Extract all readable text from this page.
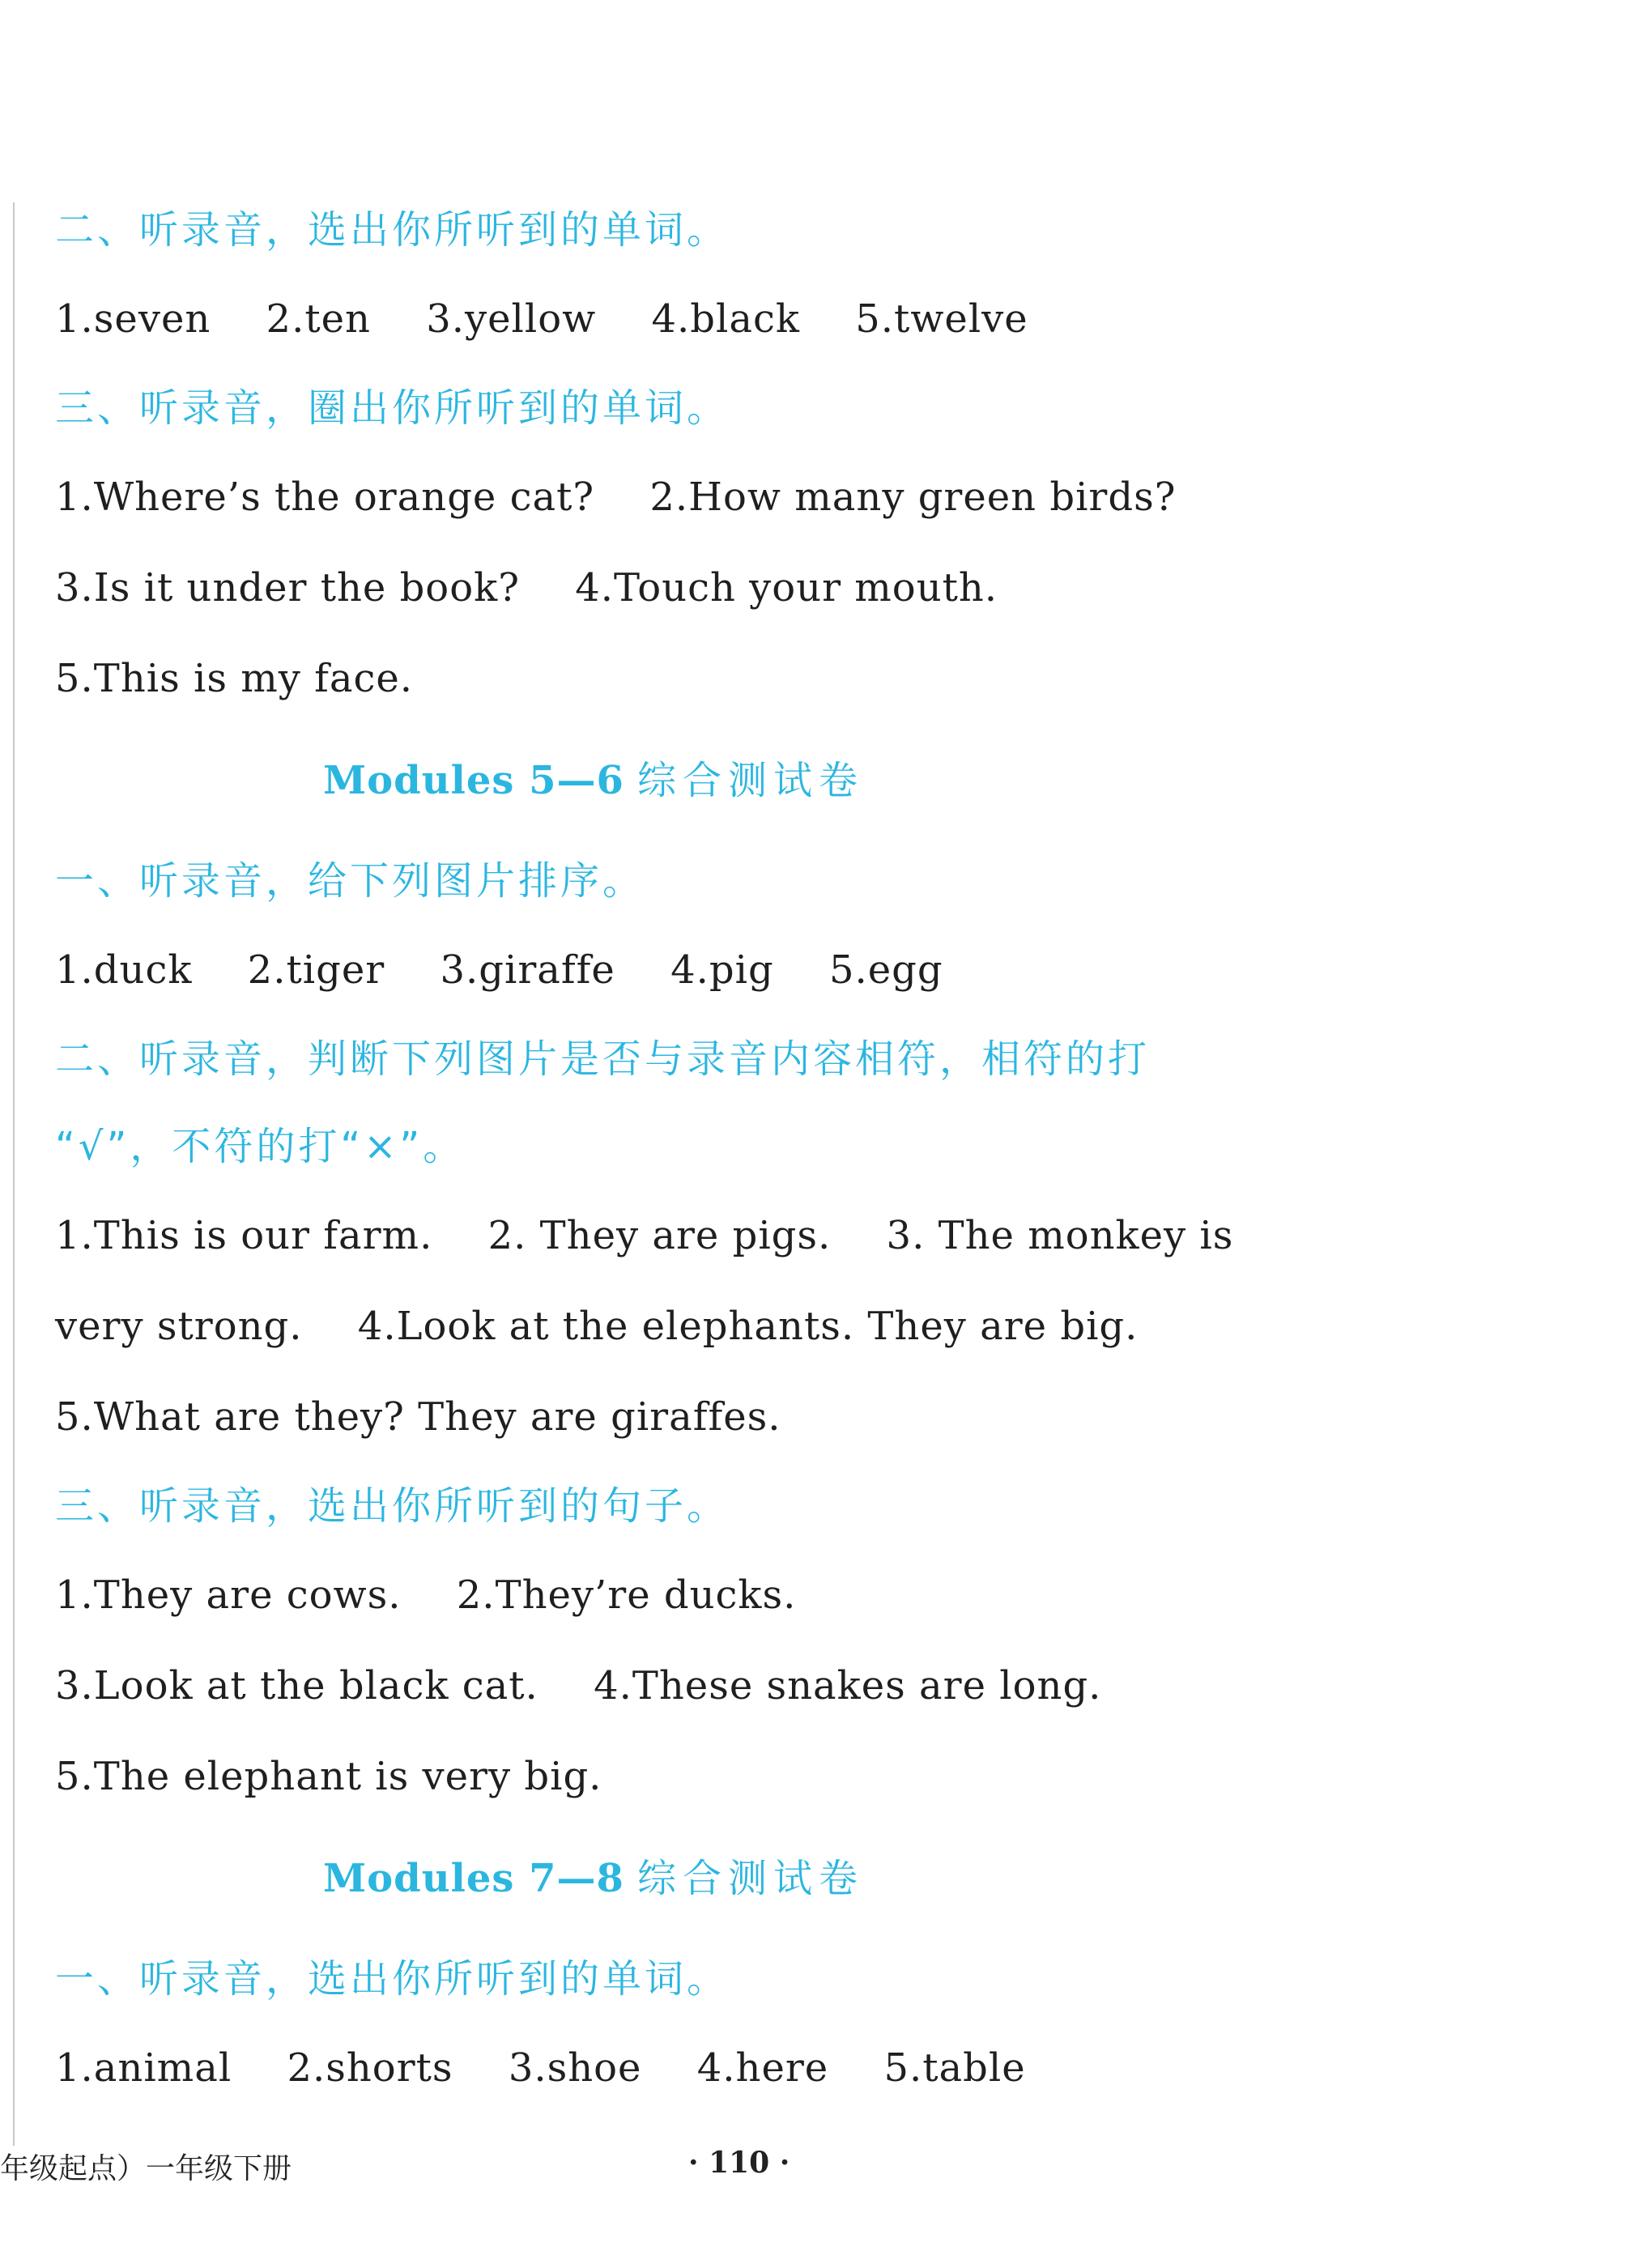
二、听录音，选出你所听到的单词。
1.seven 2.ten 3.yellow 4.black 5.twelve
三、听录音，圈出你所听到的单词。
1.Where’s the orange cat? 2.How many green birds?
3.Is it under the book? 4.Touch your mouth.
5.This is my face.
Modules 5—6 综合测试卷
一、听录音，给下列图片排序。
1.duck 2.tiger 3.giraffe 4.pig 5.egg
二、听录音，判断下列图片是否与录音内容相符，相符的打
“√”，不符的打“×”。
1.This is our farm. 2. They are pigs. 3. The monkey is
very strong. 4.Look at the elephants. They are big.
5.What are they? They are giraffes.
三、听录音，选出你所听到的句子。
1.They are cows. 2.They’re ducks.
3.Look at the black cat. 4.These snakes are long.
5.The elephant is very big.
Modules 7—8 综合测试卷
一、听录音，选出你所听到的单词。
1.animal 2.shorts 3.shoe 4.here 5.table
年级起点）一年级下册	· 110 ·
